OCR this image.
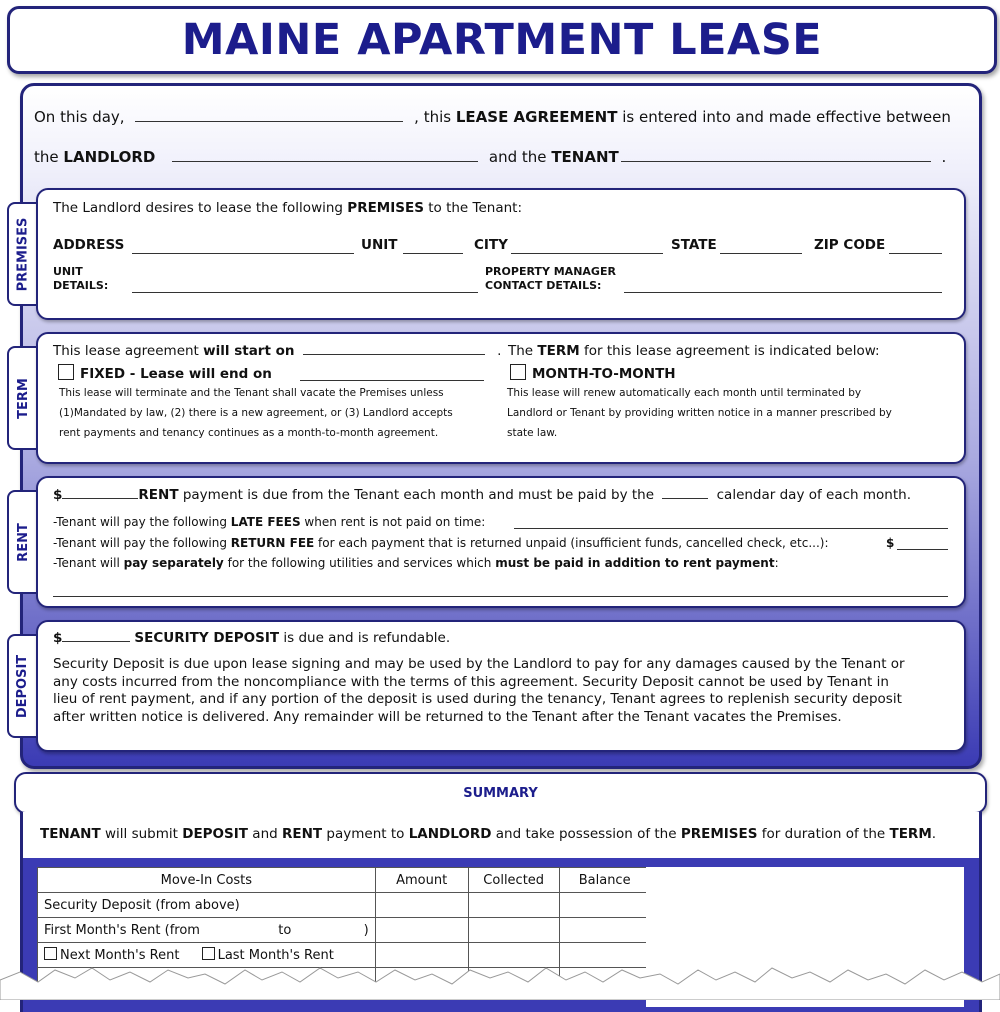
MAINE APARTMENT LEASE
On this day,	, this LEASE AGREEMENT is entered into and made effective between
the LANDLORD	and the TENANT	.
PREMISES
The Landlord desires to lease the following PREMISES to the Tenant:
ADDRESS	UNIT	CITY	STATE	ZIP CODE
UNIT
DETAILS:
PROPERTY MANAGER
CONTACT DETAILS:
TERM
This lease agreement will start on	. The TERM for this lease agreement is indicated below:
FIXED - Lease will end on
This lease will terminate and the Tenant shall vacate the Premises unless
(1)Mandated by law, (2) there is a new agreement, or (3) Landlord accepts
rent payments and tenancy continues as a month-to-month agreement.
MONTH-TO-MONTH
This lease will renew automatically each month until terminated by
Landlord or Tenant by providing written notice in a manner prescribed by
state law.
RENT
$	RENT payment is due from the Tenant each month and must be paid by the	calendar day of each month.
-Tenant will pay the following LATE FEES when rent is not paid on time:
-Tenant will pay the following RETURN FEE for each payment that is returned unpaid (insufficient funds, cancelled check, etc...):	$
-Tenant will pay separately for the following utilities and services which must be paid in addition to rent payment:
DEPOSIT
$	SECURITY DEPOSIT is due and is refundable.
Security Deposit is due upon lease signing and may be used by the Landlord to pay for any damages caused by the Tenant or
any costs incurred from the noncompliance with the terms of this agreement. Security Deposit cannot be used by Tenant in
lieu of rent payment, and if any portion of the deposit is used during the tenancy, Tenant agrees to replenish security deposit
after written notice is delivered. Any remainder will be returned to the Tenant after the Tenant vacates the Premises.
SUMMARY
TENANT will submit DEPOSIT and RENT payment to LANDLORD and take possession of the PREMISES for duration of the TERM.
Move-In Costs	Amount	Collected	Balance
Security Deposit (from above)			
First Month's Rent (from to )			
Next Month's Rent Last Month's Rent			
